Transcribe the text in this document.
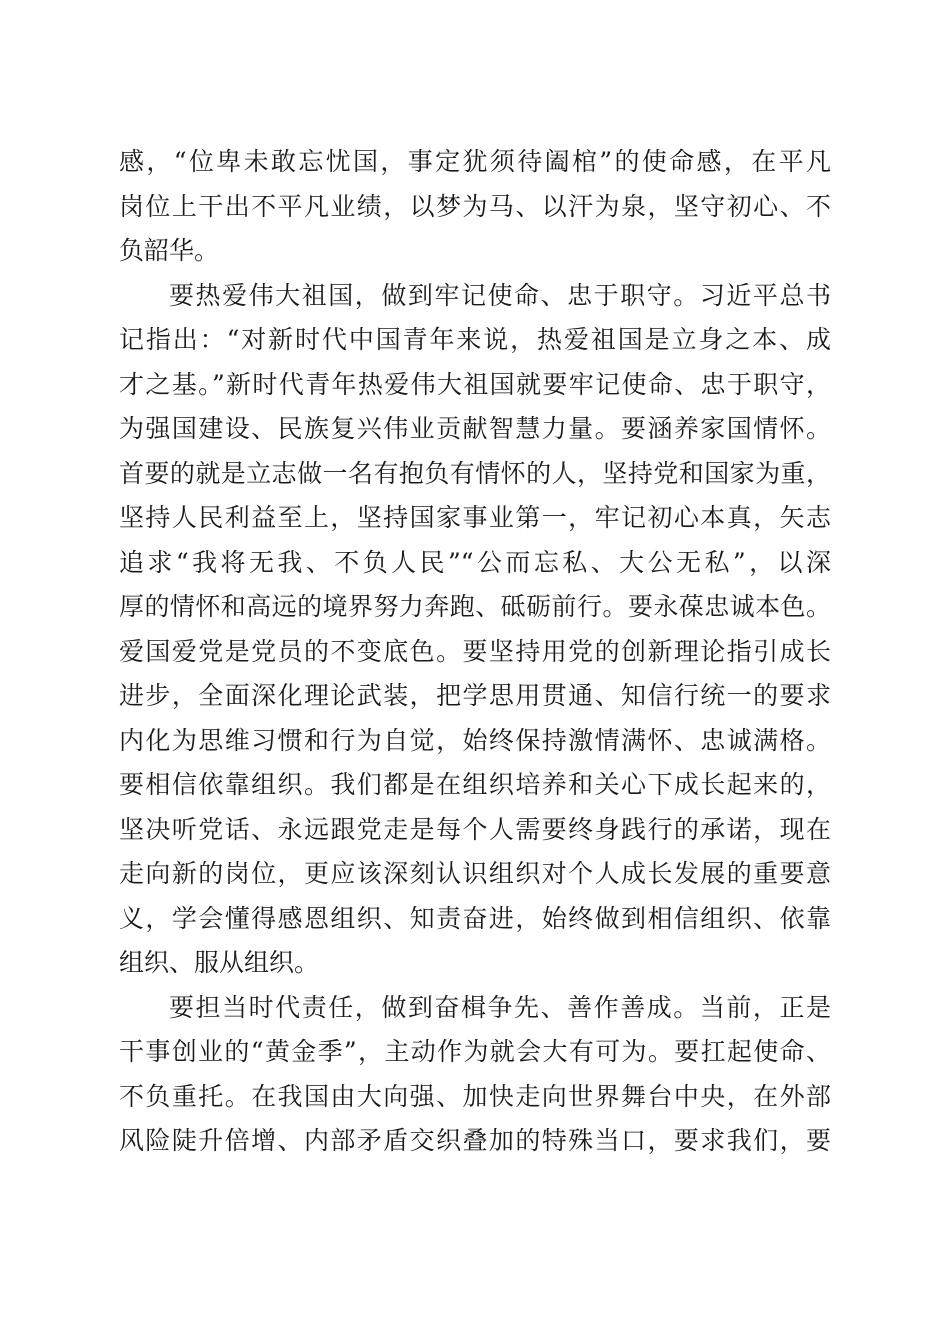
感，“位卑未敢忘忧国，事定犹须待阖棺”的使命感，在平凡
岗位上干出不平凡业绩，以梦为马、以汗为泉，坚守初心、不
负韶华。
要热爱伟大祖国，做到牢记使命、忠于职守。习近平总书
记指出：“对新时代中国青年来说，热爱祖国是立身之本、成
才之基。”新时代青年热爱伟大祖国就要牢记使命、忠于职守，
为强国建设、民族复兴伟业贡献智慧力量。要涵养家国情怀。
首要的就是立志做一名有抱负有情怀的人，坚持党和国家为重，
坚持人民利益至上，坚持国家事业第一，牢记初心本真，矢志
追求“我将无我、不负人民”“公而忘私、大公无私”，以深
厚的情怀和高远的境界努力奔跑、砥砺前行。要永葆忠诚本色。
爱国爱党是党员的不变底色。要坚持用党的创新理论指引成长
进步，全面深化理论武装，把学思用贯通、知信行统一的要求
内化为思维习惯和行为自觉，始终保持激情满怀、忠诚满格。
要相信依靠组织。我们都是在组织培养和关心下成长起来的，
坚决听党话、永远跟党走是每个人需要终身践行的承诺，现在
走向新的岗位，更应该深刻认识组织对个人成长发展的重要意
义，学会懂得感恩组织、知责奋进，始终做到相信组织、依靠
组织、服从组织。
要担当时代责任，做到奋楫争先、善作善成。当前，正是
干事创业的“黄金季”，主动作为就会大有可为。要扛起使命、
不负重托。在我国由大向强、加快走向世界舞台中央，在外部
风险陡升倍增、内部矛盾交织叠加的特殊当口，要求我们，要
